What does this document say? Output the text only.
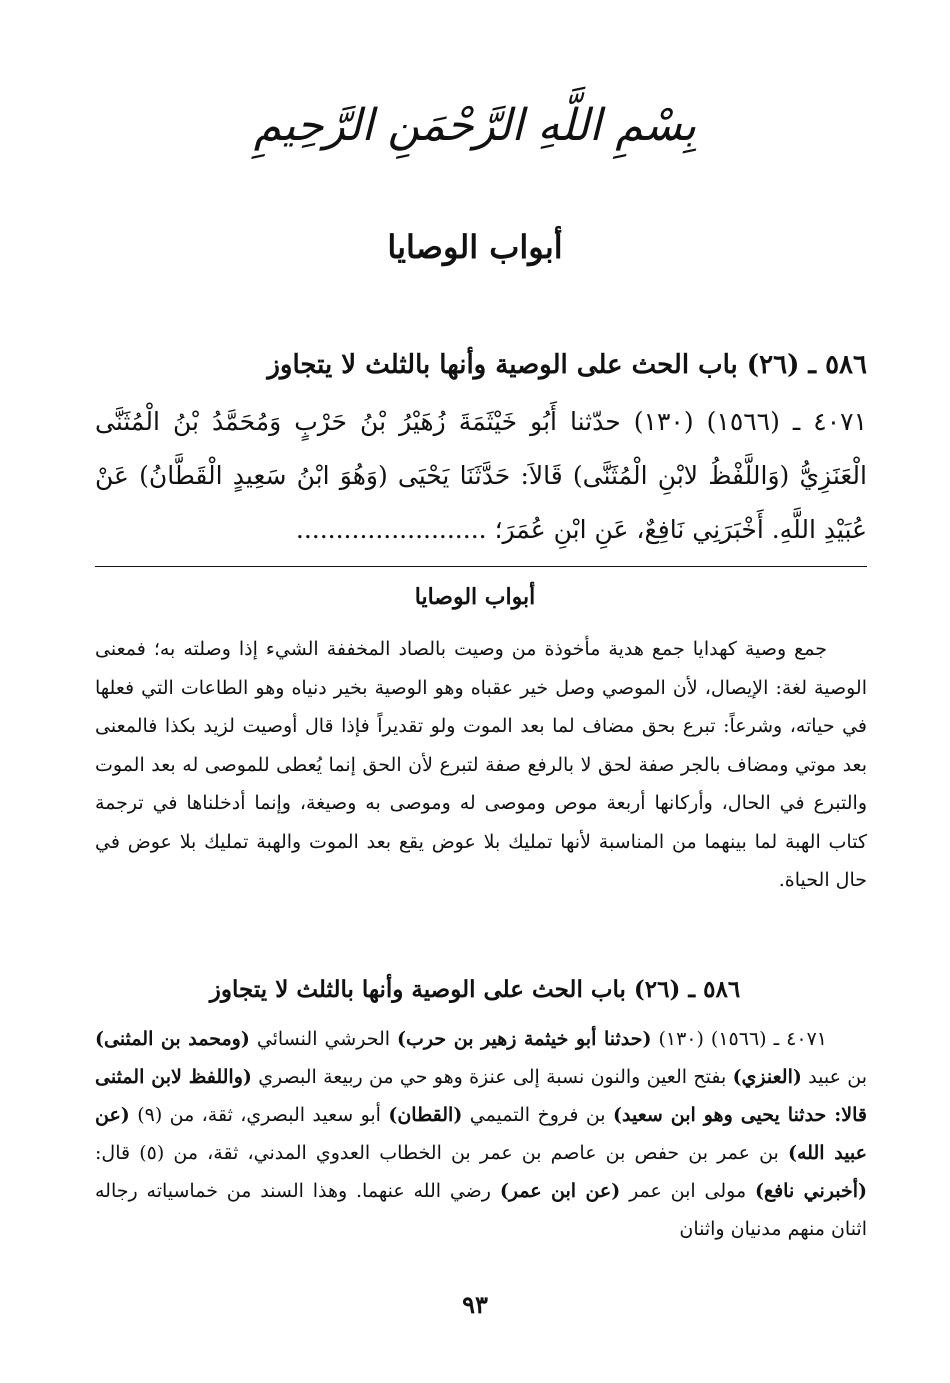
بِسْمِ اللَّهِ الرَّحْمَنِ الرَّحِيمِ
أبواب الوصايا
٥٨٦ ـ (٢٦) باب الحث على الوصية وأنها بالثلث لا يتجاوز

٤٠٧١ ـ (١٥٦٦) (١٣٠) حدّثنا أَبُو خَيْثَمَةَ زُهَيْرُ بْنُ حَرْبٍ وَمُحَمَّدُ بْنُ الْمُثَنَّى الْعَنَزِيُّ (وَاللَّفْظُ لابْنِ الْمُثَنَّى) قَالاَ: حَدَّثَنَا يَحْيَى (وَهُوَ ابْنُ سَعِيدٍ الْقَطَّانُ) عَنْ عُبَيْدِ اللَّهِ. أَخْبَرَنِي نَافِعٌ، عَنِ ابْنِ عُمَرَ؛ ........................

أبواب الوصايا

جمع وصية كهدايا جمع هدية مأخوذة من وصيت بالصاد المخففة الشيء إذا وصلته به؛ فمعنى الوصية لغة: الإيصال، لأن الموصي وصل خير عقباه وهو الوصية بخير دنياه وهو الطاعات التي فعلها في حياته، وشرعاً: تبرع بحق مضاف لما بعد الموت ولو تقديراً فإذا قال أوصيت لزيد بكذا فالمعنى بعد موتي ومضاف بالجر صفة لحق لا بالرفع صفة لتبرع لأن الحق إنما يُعطى للموصى له بعد الموت والتبرع في الحال، وأركانها أربعة موص وموصى له وموصى به وصيغة، وإنما أدخلناها في ترجمة كتاب الهبة لما بينهما من المناسبة لأنها تمليك بلا عوض يقع بعد الموت والهبة تمليك بلا عوض في حال الحياة.

٥٨٦ ـ (٢٦) باب الحث على الوصية وأنها بالثلث لا يتجاوز

٤٠٧١ ـ (١٥٦٦) (١٣٠) (حدثنا أبو خيثمة زهير بن حرب) الحرشي النسائي (ومحمد بن المثنى) بن عبيد (العنزي) بفتح العين والنون نسبة إلى عنزة وهو حي من ربيعة البصري (واللفظ لابن المثنى قالا: حدثنا يحيى وهو ابن سعيد) بن فروخ التميمي (القطان) أبو سعيد البصري، ثقة، من (٩) (عن عبيد الله) بن عمر بن حفص بن عاصم بن عمر بن الخطاب العدوي المدني، ثقة، من (٥) قال: (أخبرني نافع) مولى ابن عمر (عن ابن عمر) رضي الله عنهما. وهذا السند من خماسياته رجاله اثنان منهم مدنيان واثنان

٩٣
